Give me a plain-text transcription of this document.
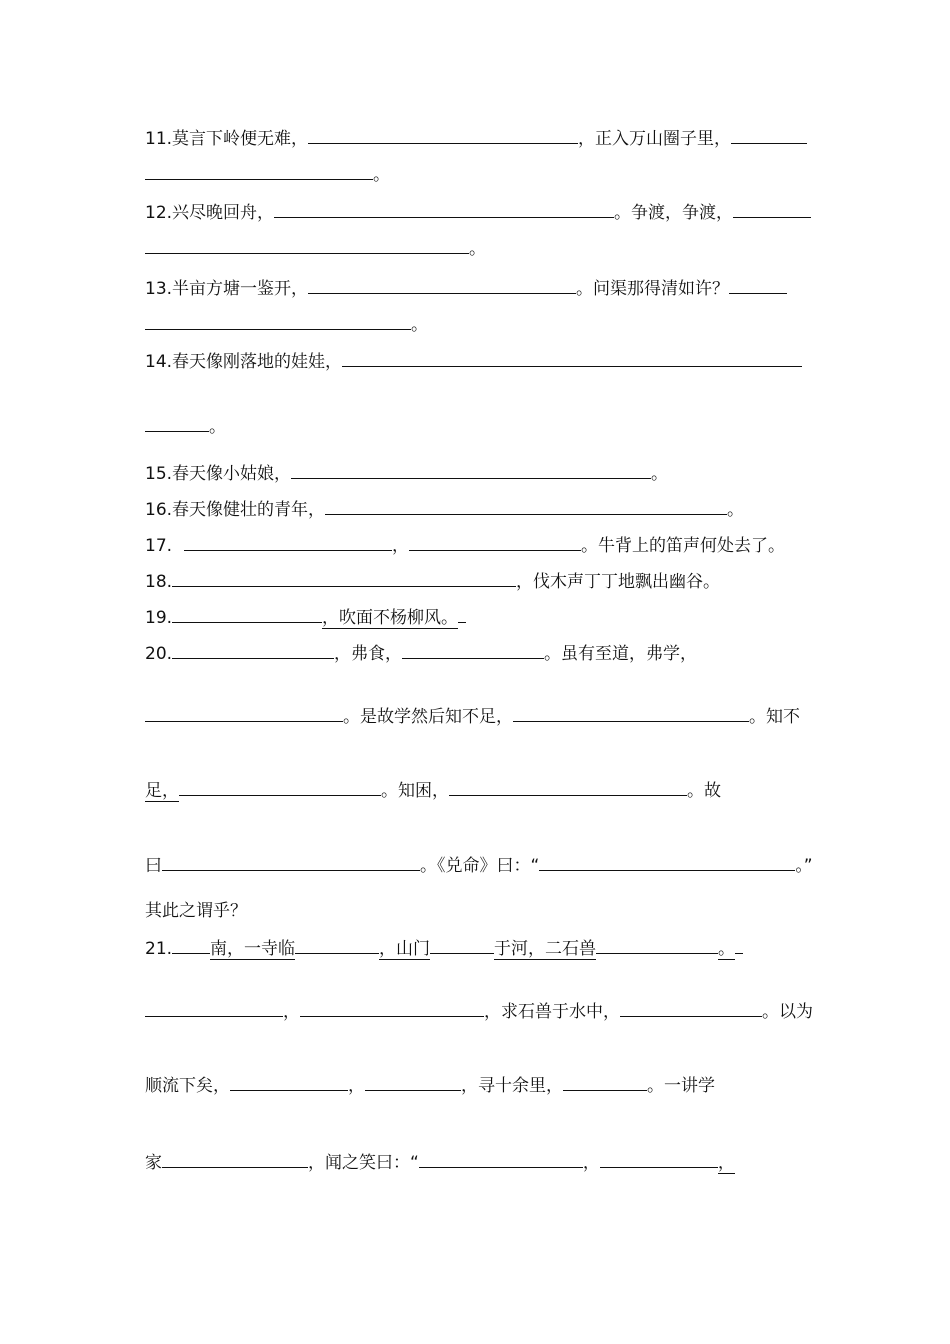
11.莫言下岭便无难，	，正入万山圈子里，
。
12.兴尽晚回舟，	。争渡，争渡，
。
13.半亩方塘一鉴开，	。问渠那得清如许？
。
14.春天像刚落地的娃娃，
。
15.春天像小姑娘，	。
16.春天像健壮的青年，	。
17.	，	。牛背上的笛声何处去了。
18.	，伐木声丁丁地飘出幽谷。
19.	，吹面不杨柳风。
20.	，弗食，	。虽有至道，弗学，
。是故学然后知不足，	。知不
足，	。知困，	。故
曰	。《兑命》曰：“	。”
其此之谓乎？
21. 南，一寺临	，山门	于河，二石兽	。
，	，求石兽于水中，	。以为
顺流下矣，	，	，寻十余里，	。一讲学
家	，闻之笑曰：“	，	，
